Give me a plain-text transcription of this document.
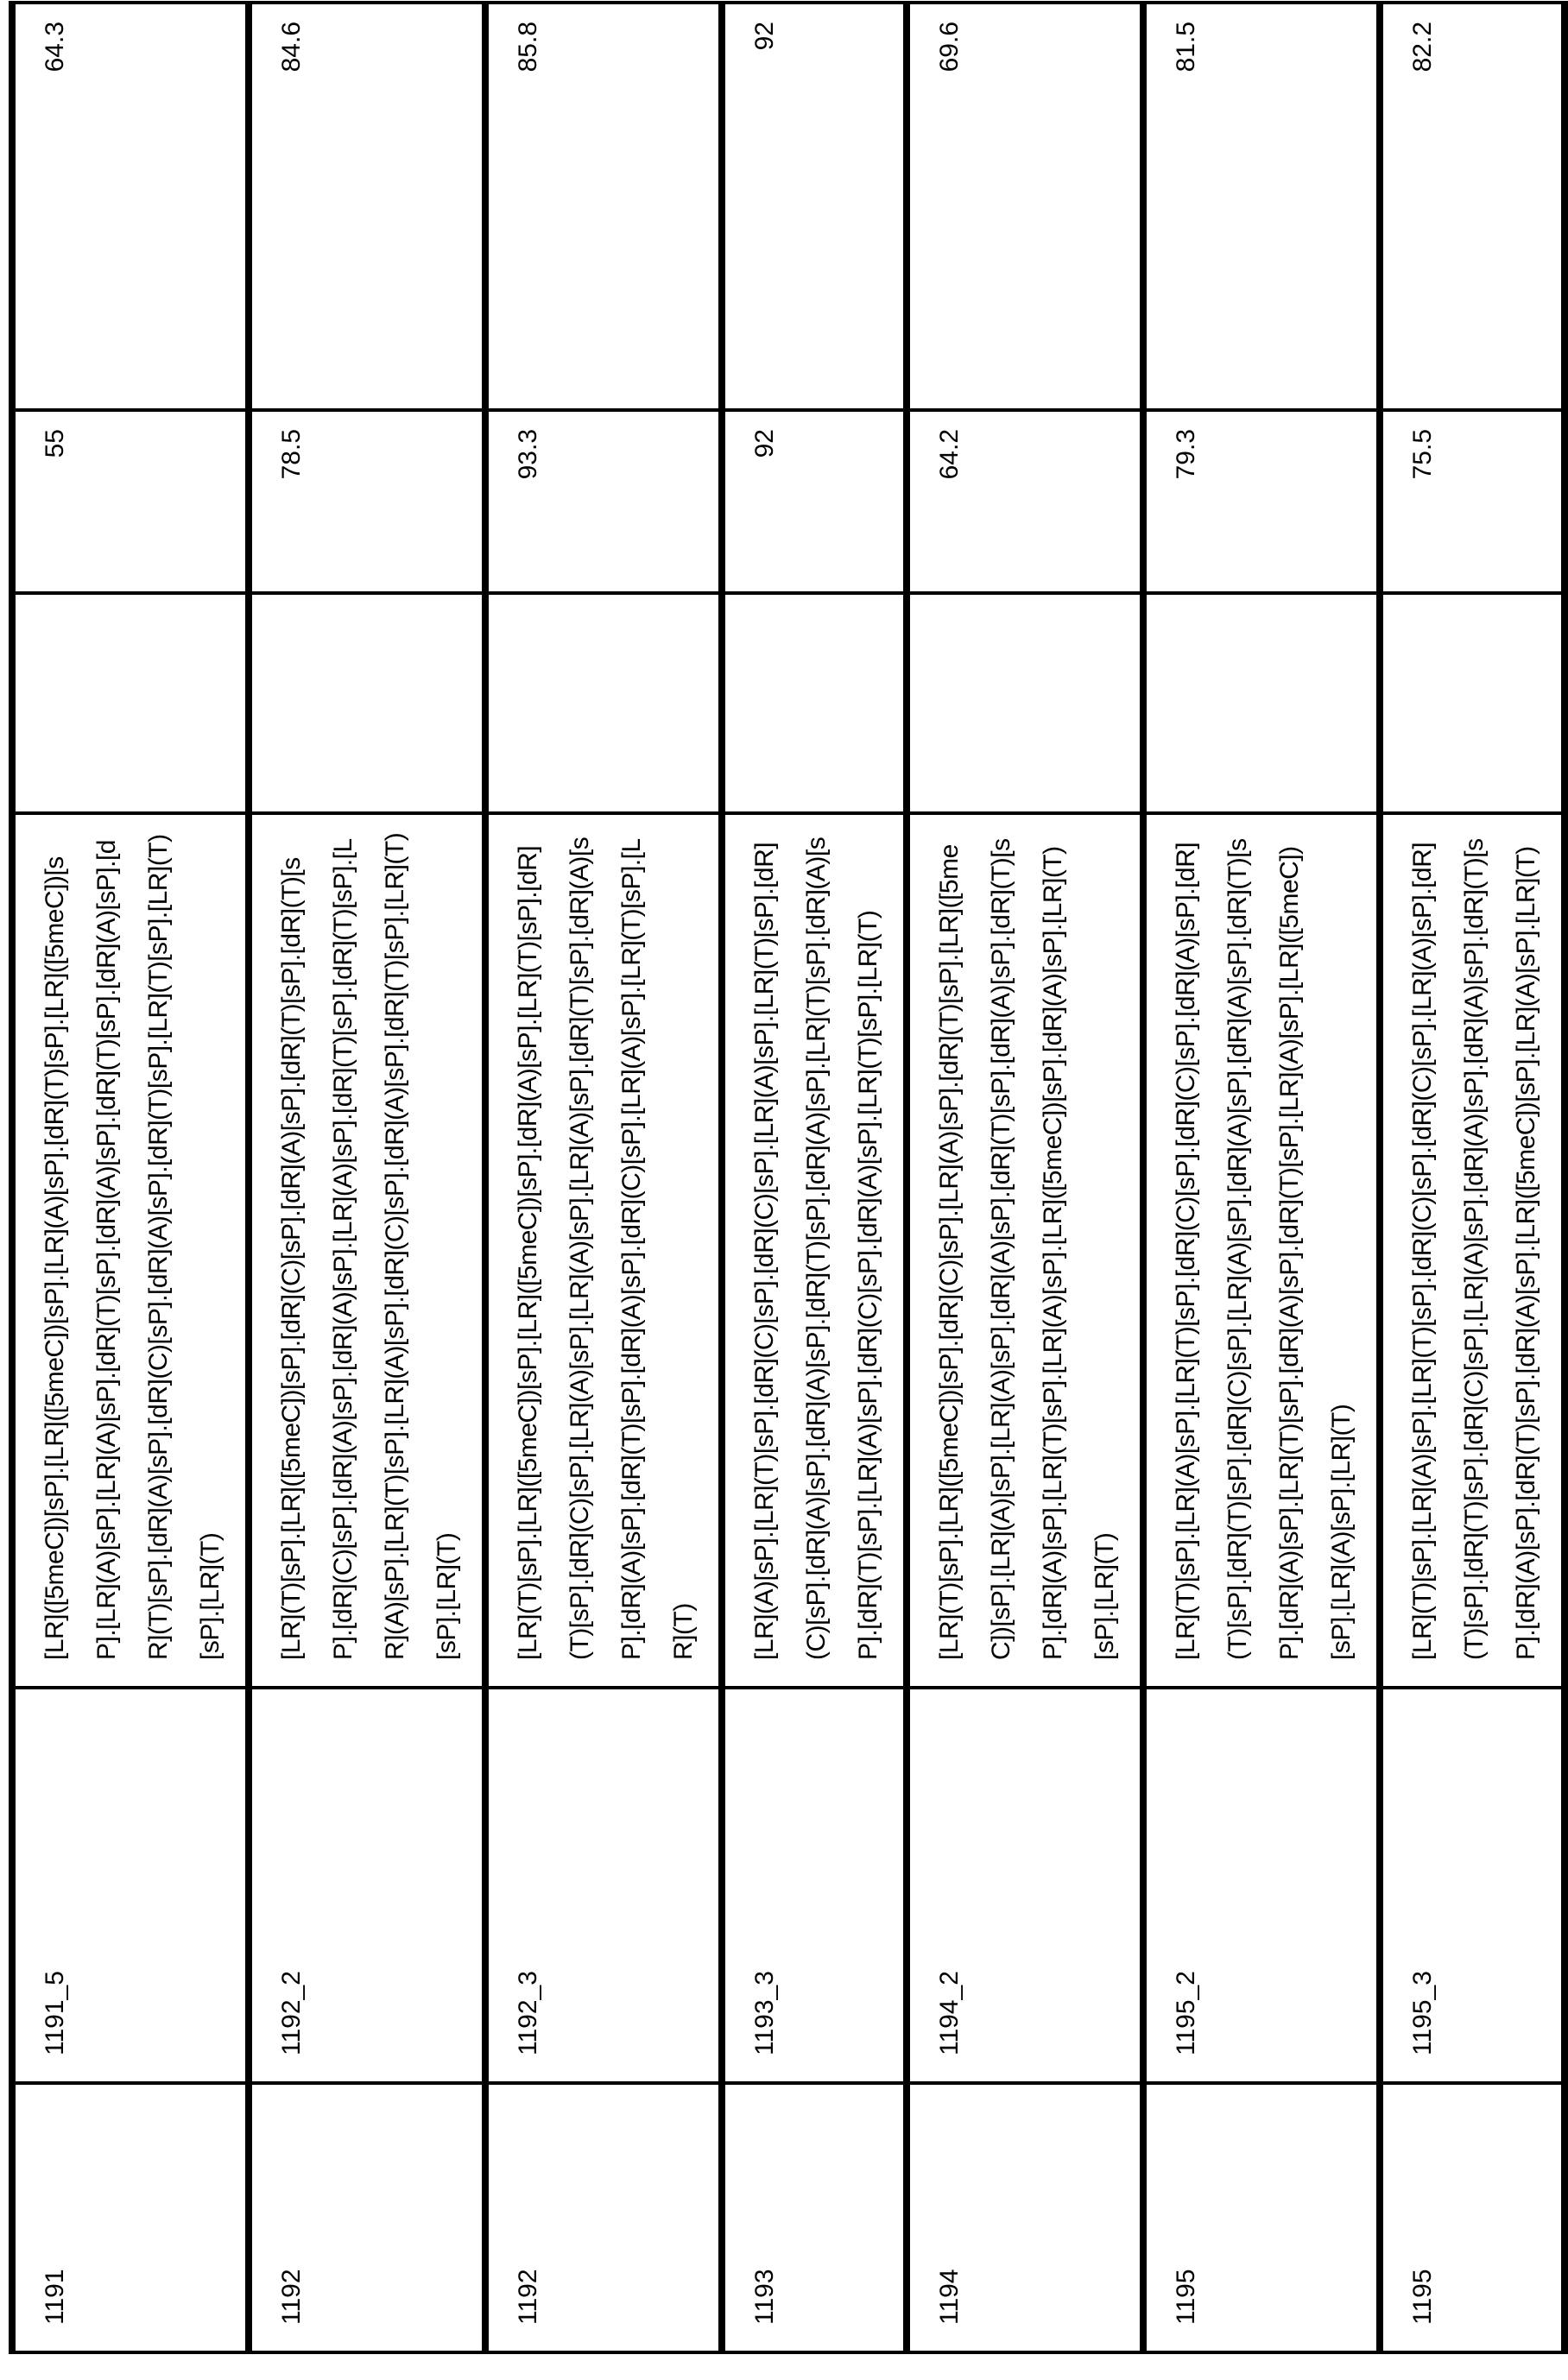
1191	1191_5	[LR]([5meC])[sP].[LR]([5meC])[sP].[LR](A)[sP].[dR](T)[sP].[LR]([5meC])[sP].[LR](A)[sP].[LR](A)[sP].[dR](T)[sP].[dR](A)[sP].[dR](T)[sP].[dR](A)[sP].[dR](T)[sP].[dR](A)[sP].[dR](C)[sP].[dR](A)[sP].[dR](T)[sP].[LR](T)[sP].[LR](T)[sP].[LR](T)		55	64.3
1192	1192_2	[LR](T)[sP].[LR]([5meC])[sP].[dR](C)[sP].[dR](A)[sP].[dR](T)[sP].[dR](T)[sP].[dR](C)[sP].[dR](A)[sP].[dR](A)[sP].[LR](A)[sP].[dR](T)[sP].[dR](T)[sP].[LR](A)[sP].[LR](T)[sP].[LR](A)[sP].[dR](C)[sP].[dR](A)[sP].[dR](T)[sP].[LR](T)[sP].[LR](T)		78.5	84.6
1192	1192_3	[LR](T)[sP].[LR]([5meC])[sP].[LR]([5meC])[sP].[dR](A)[sP].[LR](T)[sP].[dR](T)[sP].[dR](C)[sP].[LR](A)[sP].[LR](A)[sP].[LR](A)[sP].[dR](T)[sP].[dR](A)[sP].[dR](A)[sP].[dR](T)[sP].[dR](A)[sP].[dR](C)[sP].[LR](A)[sP].[LR](T)[sP].[LR](T)		93.3	85.8
1193	1193_3	[LR](A)[sP].[LR](T)[sP].[dR](C)[sP].[dR](C)[sP].[LR](A)[sP].[LR](T)[sP].[dR](C)[sP].[dR](A)[sP].[dR](A)[sP].[dR](T)[sP].[dR](A)[sP].[LR](T)[sP].[dR](A)[sP].[dR](T)[sP].[LR](A)[sP].[dR](C)[sP].[dR](A)[sP].[LR](T)[sP].[LR](T)		92	92
1194	1194_2	[LR](T)[sP].[LR]([5meC])[sP].[dR](C)[sP].[LR](A)[sP].[dR](T)[sP].[LR]([5meC])[sP].[LR](A)[sP].[LR](A)[sP].[dR](A)[sP].[dR](T)[sP].[dR](A)[sP].[dR](T)[sP].[dR](A)[sP].[LR](T)[sP].[LR](A)[sP].[LR]([5meC])[sP].[dR](A)[sP].[LR](T)[sP].[LR](T)		64.2	69.6
1195	1195_2	[LR](T)[sP].[LR](A)[sP].[LR](T)[sP].[dR](C)[sP].[dR](C)[sP].[dR](A)[sP].[dR](T)[sP].[dR](T)[sP].[dR](C)[sP].[LR](A)[sP].[dR](A)[sP].[dR](A)[sP].[dR](T)[sP].[dR](A)[sP].[LR](T)[sP].[dR](A)[sP].[dR](T)[sP].[LR](A)[sP].[LR]([5meC])[sP].[LR](A)[sP].[LR](T)		79.3	81.5
1195	1195_3	[LR](T)[sP].[LR](A)[sP].[LR](T)[sP].[dR](C)[sP].[dR](C)[sP].[LR](A)[sP].[dR](T)[sP].[dR](T)[sP].[dR](C)[sP].[LR](A)[sP].[dR](A)[sP].[dR](A)[sP].[dR](T)[sP].[dR](A)[sP].[dR](T)[sP].[dR](A)[sP].[LR]([5meC])[sP].[LR](A)[sP].[LR](T)		75.5	82.2
